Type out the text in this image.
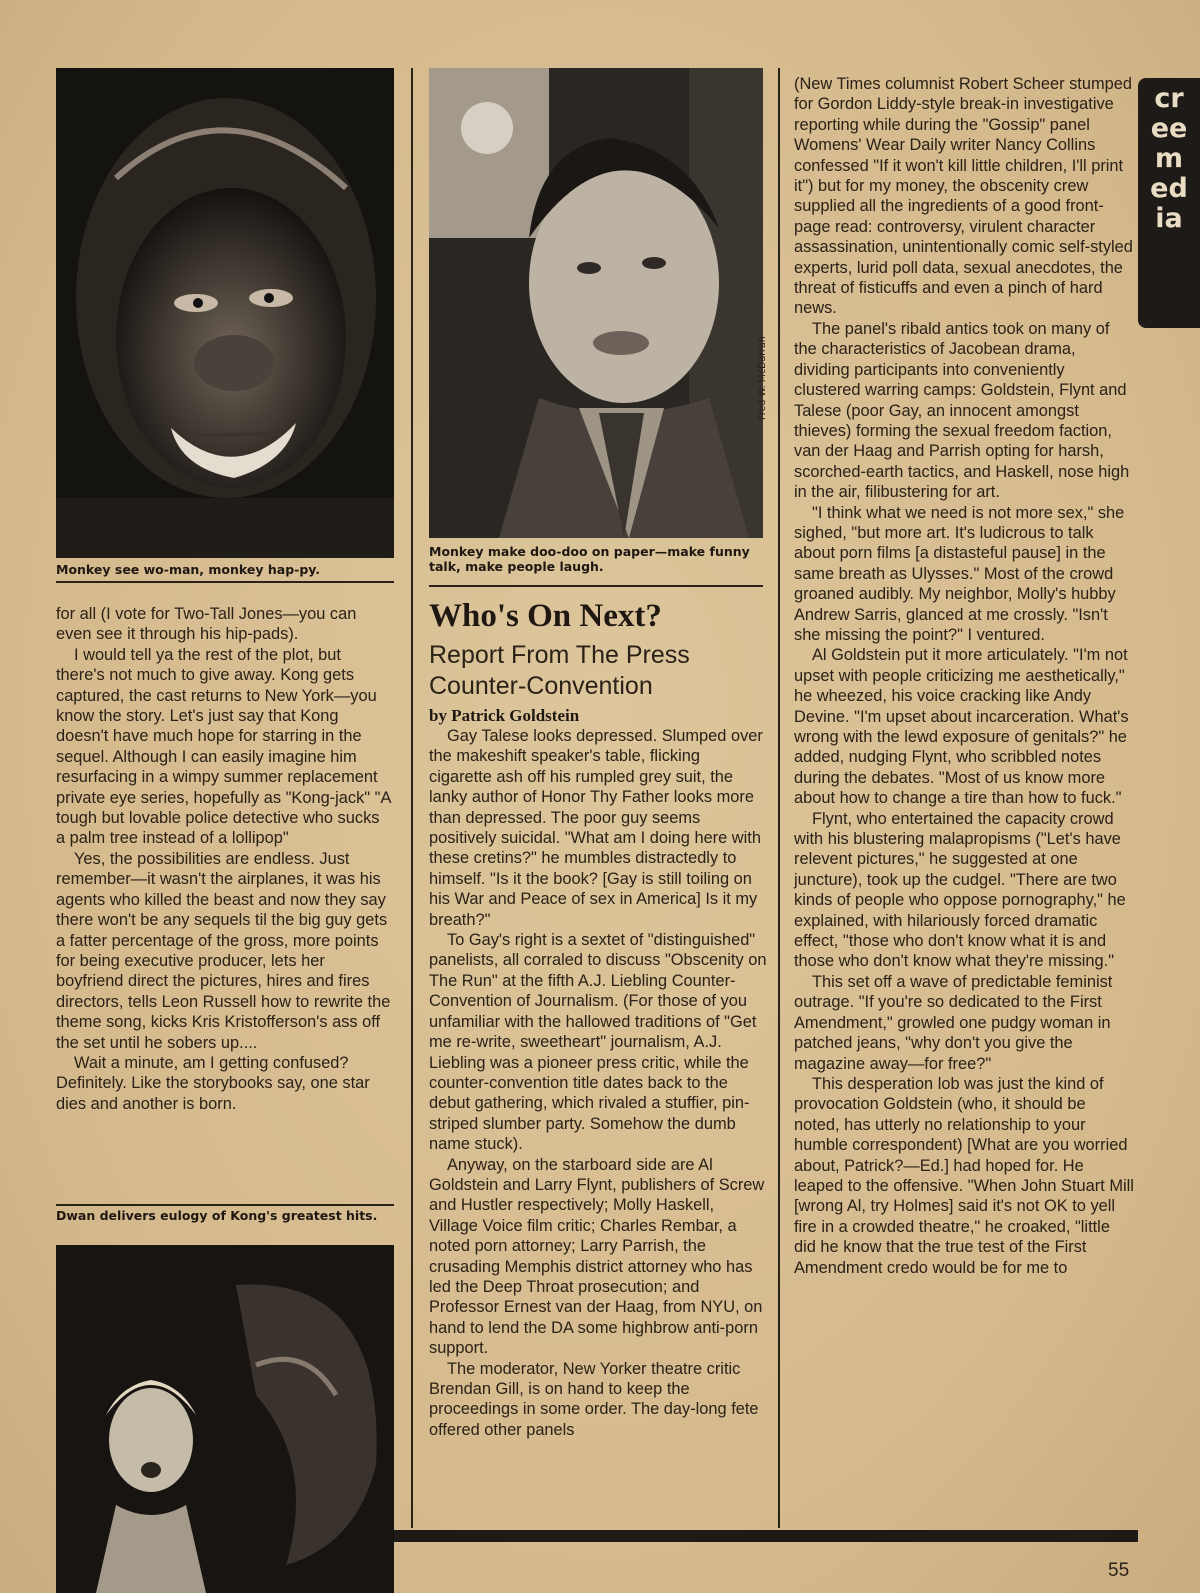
Monkey see wo-man, monkey hap-py.
Fred W. McDarrah
Monkey make doo-doo on paper—make funny talk, make people laugh.

for all (I vote for Two-Tall Jones—you can even see it through his hip-pads).

I would tell ya the rest of the plot, but there's not much to give away. Kong gets captured, the cast returns to New York—you know the story. Let's just say that Kong doesn't have much hope for starring in the sequel. Although I can easily imagine him resurfacing in a wimpy summer replacement private eye series, hopefully as "Kong-jack" "A tough but lovable police detective who sucks a palm tree instead of a lollipop"

Yes, the possibilities are endless. Just remember—it wasn't the airplanes, it was his agents who killed the beast and now they say there won't be any sequels til the big guy gets a fatter percentage of the gross, more points for being executive producer, lets her boyfriend direct the pictures, hires and fires directors, tells Leon Russell how to rewrite the theme song, kicks Kris Kristofferson's ass off the set until he sobers up....

Wait a minute, am I getting confused? Definitely. Like the storybooks say, one star dies and another is born.

Dwan delivers eulogy of Kong's greatest hits.
Who's On Next?
Report From The Press Counter-Convention
by Patrick Goldstein

Gay Talese looks depressed. Slumped over the makeshift speaker's table, flicking cigarette ash off his rumpled grey suit, the lanky author of Honor Thy Father looks more than depressed. The poor guy seems positively suicidal. "What am I doing here with these cretins?" he mumbles distractedly to himself. "Is it the book? [Gay is still toiling on his War and Peace of sex in America] Is it my breath?"

To Gay's right is a sextet of "distinguished" panelists, all corraled to discuss "Obscenity on The Run" at the fifth A.J. Liebling Counter-Convention of Journalism. (For those of you unfamiliar with the hallowed traditions of "Get me re-write, sweetheart" journalism, A.J. Liebling was a pioneer press critic, while the counter-convention title dates back to the debut gathering, which rivaled a stuffier, pin-striped slumber party. Somehow the dumb name stuck).

Anyway, on the starboard side are Al Goldstein and Larry Flynt, publishers of Screw and Hustler respectively; Molly Haskell, Village Voice film critic; Charles Rembar, a noted porn attorney; Larry Parrish, the crusading Memphis district attorney who has led the Deep Throat prosecution; and Professor Ernest van der Haag, from NYU, on hand to lend the DA some highbrow anti-porn support.

The moderator, New Yorker theatre critic Brendan Gill, is on hand to keep the proceedings in some order. The day-long fete offered other panels

(New Times columnist Robert Scheer stumped for Gordon Liddy-style break-in investigative reporting while during the "Gossip" panel Womens' Wear Daily writer Nancy Collins confessed "If it won't kill little children, I'll print it") but for my money, the obscenity crew supplied all the ingredients of a good front-page read: controversy, virulent character assassination, unintentionally comic self-styled experts, lurid poll data, sexual anecdotes, the threat of fisticuffs and even a pinch of hard news.

The panel's ribald antics took on many of the characteristics of Jacobean drama, dividing participants into conveniently clustered warring camps: Goldstein, Flynt and Talese (poor Gay, an innocent amongst thieves) forming the sexual freedom faction, van der Haag and Parrish opting for harsh, scorched-earth tactics, and Haskell, nose high in the air, filibustering for art.

"I think what we need is not more sex," she sighed, "but more art. It's ludicrous to talk about porn films [a distasteful pause] in the same breath as Ulysses." Most of the crowd groaned audibly. My neighbor, Molly's hubby Andrew Sarris, glanced at me crossly. "Isn't she missing the point?" I ventured.

Al Goldstein put it more articulately. "I'm not upset with people criticizing me aesthetically," he wheezed, his voice cracking like Andy Devine. "I'm upset about incarceration. What's wrong with the lewd exposure of genitals?" he added, nudging Flynt, who scribbled notes during the debates. "Most of us know more about how to change a tire than how to fuck."

Flynt, who entertained the capacity crowd with his blustering malapropisms ("Let's have relevent pictures," he suggested at one juncture), took up the cudgel. "There are two kinds of people who oppose pornography," he explained, with hilariously forced dramatic effect, "those who don't know what it is and those who don't know what they're missing."

This set off a wave of predictable feminist outrage. "If you're so dedicated to the First Amendment," growled one pudgy woman in patched jeans, "why don't you give the magazine away—for free?"

This desperation lob was just the kind of provocation Goldstein (who, it should be noted, has utterly no relationship to your humble correspondent) [What are you worried about, Patrick?—Ed.] had hoped for. He leaped to the offensive. "When John Stuart Mill [wrong Al, try Holmes] said it's not OK to yell fire in a crowded theatre," he croaked, "little did he know that the true test of the First Amendment credo would be for me to

creemedia
55
